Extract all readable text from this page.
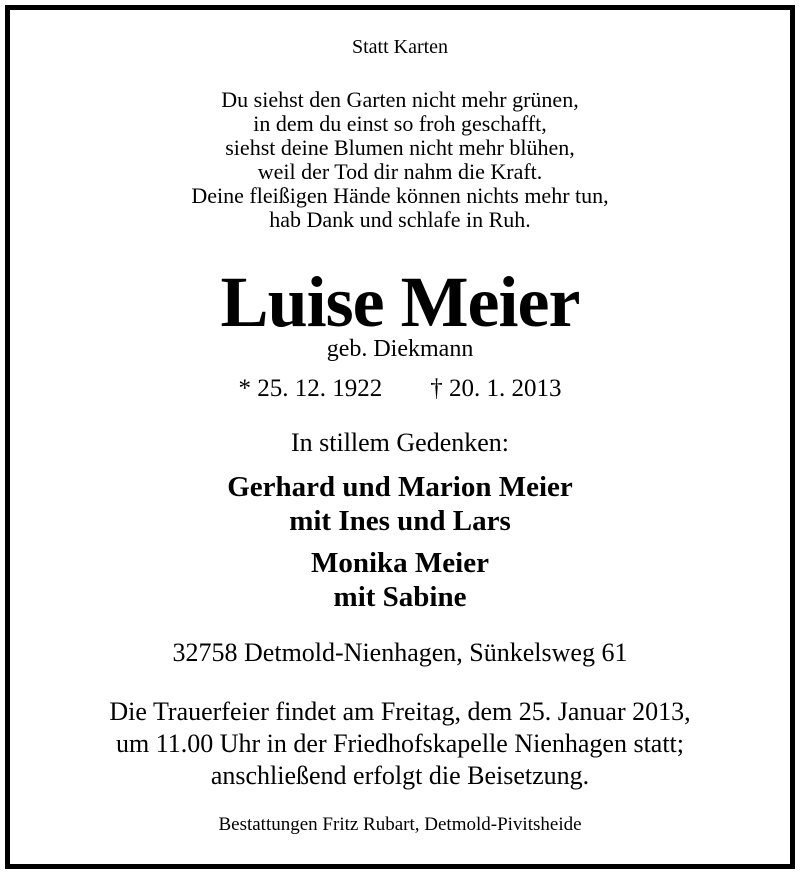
Statt Karten
Du siehst den Garten nicht mehr grünen,
in dem du einst so froh geschafft,
siehst deine Blumen nicht mehr blühen,
weil der Tod dir nahm die Kraft.
Deine fleißigen Hände können nichts mehr tun,
hab Dank und schlafe in Ruh.
Luise Meier
geb. Diekmann
* 25. 12. 1922 † 20. 1. 2013
In stillem Gedenken:
Gerhard und Marion Meier
mit Ines und Lars
Monika Meier
mit Sabine
32758 Detmold-Nienhagen, Sünkelsweg 61
Die Trauerfeier findet am Freitag, dem 25. Januar 2013,
um 11.00 Uhr in der Friedhofskapelle Nienhagen statt;
anschließend erfolgt die Beisetzung.
Bestattungen Fritz Rubart, Detmold-Pivitsheide
